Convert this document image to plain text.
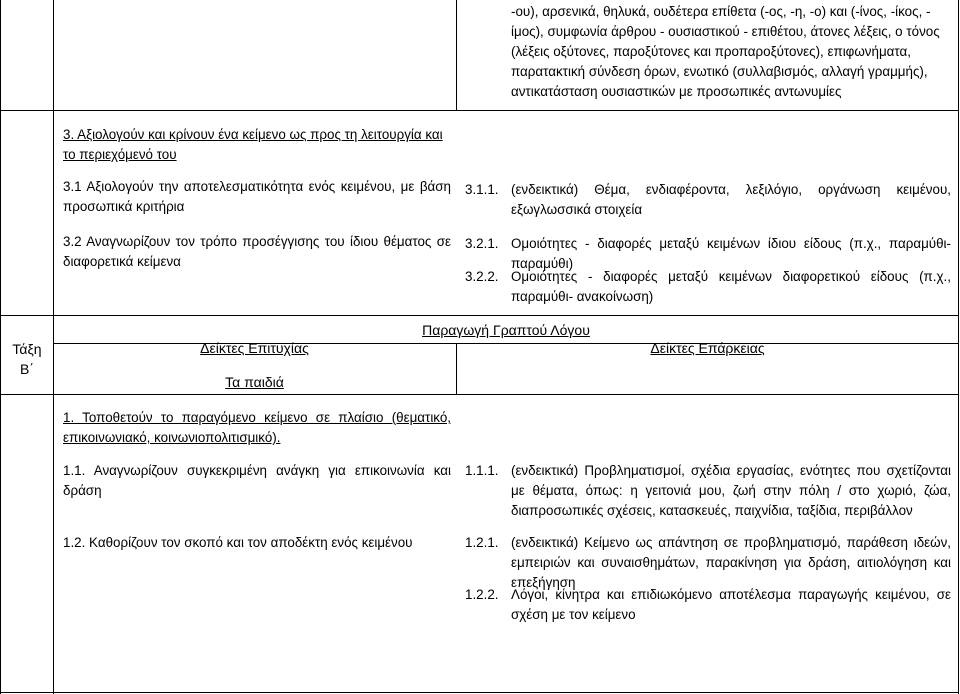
-ου), αρσενικά, θηλυκά, ουδέτερα επίθετα (-ος, -η, -ο) και (-ίνος, -ίκος, -
ίμος), συμφωνία άρθρου - ουσιαστικού - επιθέτου, άτονες λέξεις, ο τόνος
(λέξεις οξύτονες, παροξύτονες και προπαροξύτονες), επιφωνήματα,
παρατακτική σύνδεση όρων, ενωτικό (συλλαβισμός, αλλαγή γραμμής),
αντικατάσταση ουσιαστικών με προσωπικές αντωνυμίες
3. Αξιολογούν και κρίνουν ένα κείμενο ως προς τη λειτουργία και το περιεχόμενό του
3.1 Αξιολογούν την αποτελεσματικότητα ενός κειμένου, με βάση προσωπικά κριτήρια
3.2 Αναγνωρίζουν τον τρόπο προσέγγισης του ίδιου θέματος σε διαφορετικά κείμενα
3.1.1. (ενδεικτικά) Θέμα, ενδιαφέροντα, λεξιλόγιο, οργάνωση κειμένου, εξωγλωσσικά στοιχεία
3.2.1. Ομοιότητες - διαφορές μεταξύ κειμένων ίδιου είδους (π.χ., παραμύθι- παραμύθι)
3.2.2. Ομοιότητες - διαφορές μεταξύ κειμένων διαφορετικού είδους (π.χ., παραμύθι- ανακοίνωση)
Τάξη Β΄
Παραγωγή Γραπτού Λόγου
Δείκτες Επιτυχίας
Τα παιδιά
Δείκτες Επάρκειας
1. Τοποθετούν το παραγόμενο κείμενο σε πλαίσιο (θεματικό, επικοινωνιακό, κοινωνιοπολιτισμικό).
1.1. Αναγνωρίζουν συγκεκριμένη ανάγκη για επικοινωνία και δράση
1.2. Καθορίζουν τον σκοπό και τον αποδέκτη ενός κειμένου
1.1.1. (ενδεικτικά) Προβληματισμοί, σχέδια εργασίας, ενότητες που σχετίζονται με θέματα, όπως: η γειτονιά μου, ζωή στην πόλη / στο χωριό, ζώα, διαπροσωπικές σχέσεις, κατασκευές, παιχνίδια, ταξίδια, περιβάλλον
1.2.1. (ενδεικτικά) Κείμενο ως απάντηση σε προβληματισμό, παράθεση ιδεών, εμπειριών και συναισθημάτων, παρακίνηση για δράση, αιτιολόγηση και επεξήγηση
1.2.2. Λόγοι, κίνητρα και επιδιωκόμενο αποτέλεσμα παραγωγής κειμένου, σε σχέση με τον κείμενο
